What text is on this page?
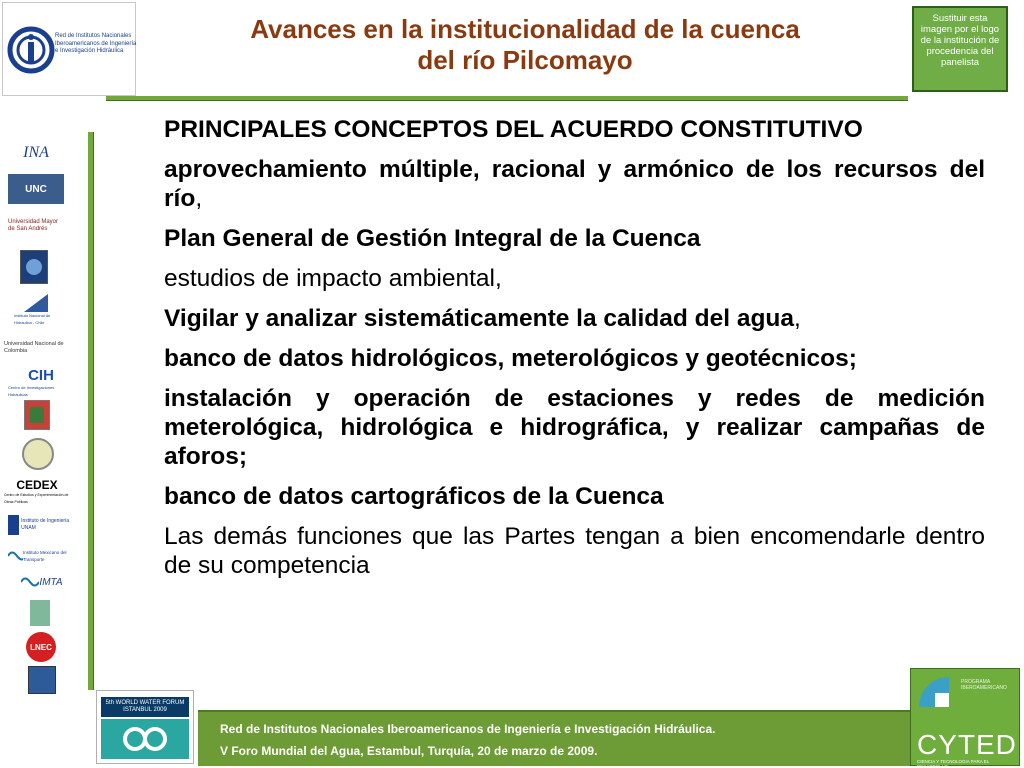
Red de Institutos Nacionales Iberoamericanos de Ingeniería e Investigación Hidráulica
Avances en la institucionalidad de la cuenca
del río Pilcomayo
Sustituir esta imagen por el logo de la institución de procedencia del panelista
INA
UNC
Universidad Mayor de San Andrés
Instituto Nacional de Hidráulica - Chile
Universidad Nacional de Colombia
CIH
Centro de Investigaciones Hidráulicas
CEDEX
Centro de Estudios y Experimentación de Obras Públicas
Instituto de Ingeniería UNAM
Instituto Mexicano del Transporte
IMTA
LNEC

PRINCIPALES CONCEPTOS DEL ACUERDO CONSTITUTIVO

aprovechamiento múltiple, racional y armónico de los recursos del río,

Plan General de Gestión Integral de la Cuenca

estudios de impacto ambiental,

Vigilar y analizar sistemáticamente la calidad del agua,

banco de datos hidrológicos, meterológicos y geotécnicos;

instalación y operación de estaciones y redes de medición meterológica, hidrológica e hidrográfica, y realizar campañas de aforos;

banco de datos cartográficos de la Cuenca

Las demás funciones que las Partes tengan a bien encomendarle dentro de su competencia

Red de Institutos Nacionales Iberoamericanos de Ingeniería e Investigación Hidráulica.
V Foro Mundial del Agua, Estambul, Turquía, 20 de marzo de 2009.
5th WORLD WATER FORUM ISTANBUL 2009
PROGRAMA IBEROAMERICANO
CYTED
CIENCIA Y TECNOLOGIA PARA EL DESARROLLO
